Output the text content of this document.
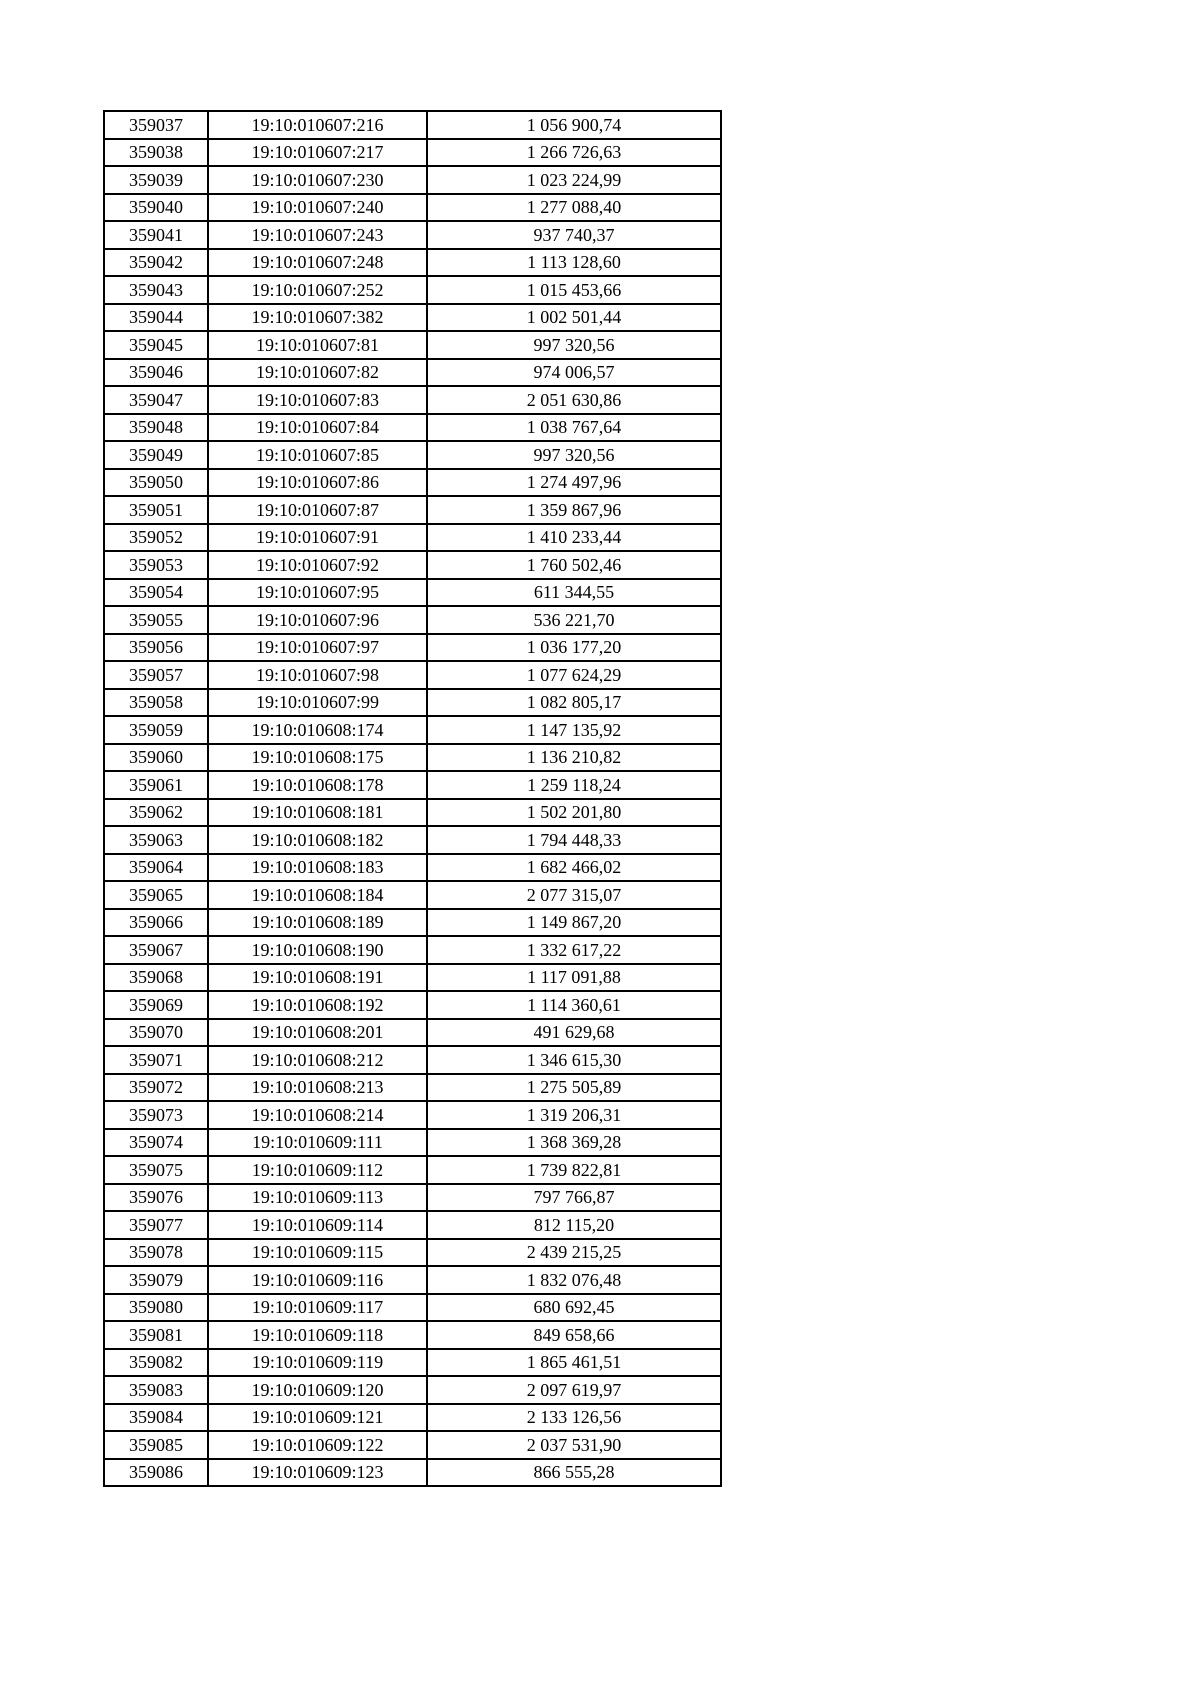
359037	19:10:010607:216	1 056 900,74
359038	19:10:010607:217	1 266 726,63
359039	19:10:010607:230	1 023 224,99
359040	19:10:010607:240	1 277 088,40
359041	19:10:010607:243	937 740,37
359042	19:10:010607:248	1 113 128,60
359043	19:10:010607:252	1 015 453,66
359044	19:10:010607:382	1 002 501,44
359045	19:10:010607:81	997 320,56
359046	19:10:010607:82	974 006,57
359047	19:10:010607:83	2 051 630,86
359048	19:10:010607:84	1 038 767,64
359049	19:10:010607:85	997 320,56
359050	19:10:010607:86	1 274 497,96
359051	19:10:010607:87	1 359 867,96
359052	19:10:010607:91	1 410 233,44
359053	19:10:010607:92	1 760 502,46
359054	19:10:010607:95	611 344,55
359055	19:10:010607:96	536 221,70
359056	19:10:010607:97	1 036 177,20
359057	19:10:010607:98	1 077 624,29
359058	19:10:010607:99	1 082 805,17
359059	19:10:010608:174	1 147 135,92
359060	19:10:010608:175	1 136 210,82
359061	19:10:010608:178	1 259 118,24
359062	19:10:010608:181	1 502 201,80
359063	19:10:010608:182	1 794 448,33
359064	19:10:010608:183	1 682 466,02
359065	19:10:010608:184	2 077 315,07
359066	19:10:010608:189	1 149 867,20
359067	19:10:010608:190	1 332 617,22
359068	19:10:010608:191	1 117 091,88
359069	19:10:010608:192	1 114 360,61
359070	19:10:010608:201	491 629,68
359071	19:10:010608:212	1 346 615,30
359072	19:10:010608:213	1 275 505,89
359073	19:10:010608:214	1 319 206,31
359074	19:10:010609:111	1 368 369,28
359075	19:10:010609:112	1 739 822,81
359076	19:10:010609:113	797 766,87
359077	19:10:010609:114	812 115,20
359078	19:10:010609:115	2 439 215,25
359079	19:10:010609:116	1 832 076,48
359080	19:10:010609:117	680 692,45
359081	19:10:010609:118	849 658,66
359082	19:10:010609:119	1 865 461,51
359083	19:10:010609:120	2 097 619,97
359084	19:10:010609:121	2 133 126,56
359085	19:10:010609:122	2 037 531,90
359086	19:10:010609:123	866 555,28
